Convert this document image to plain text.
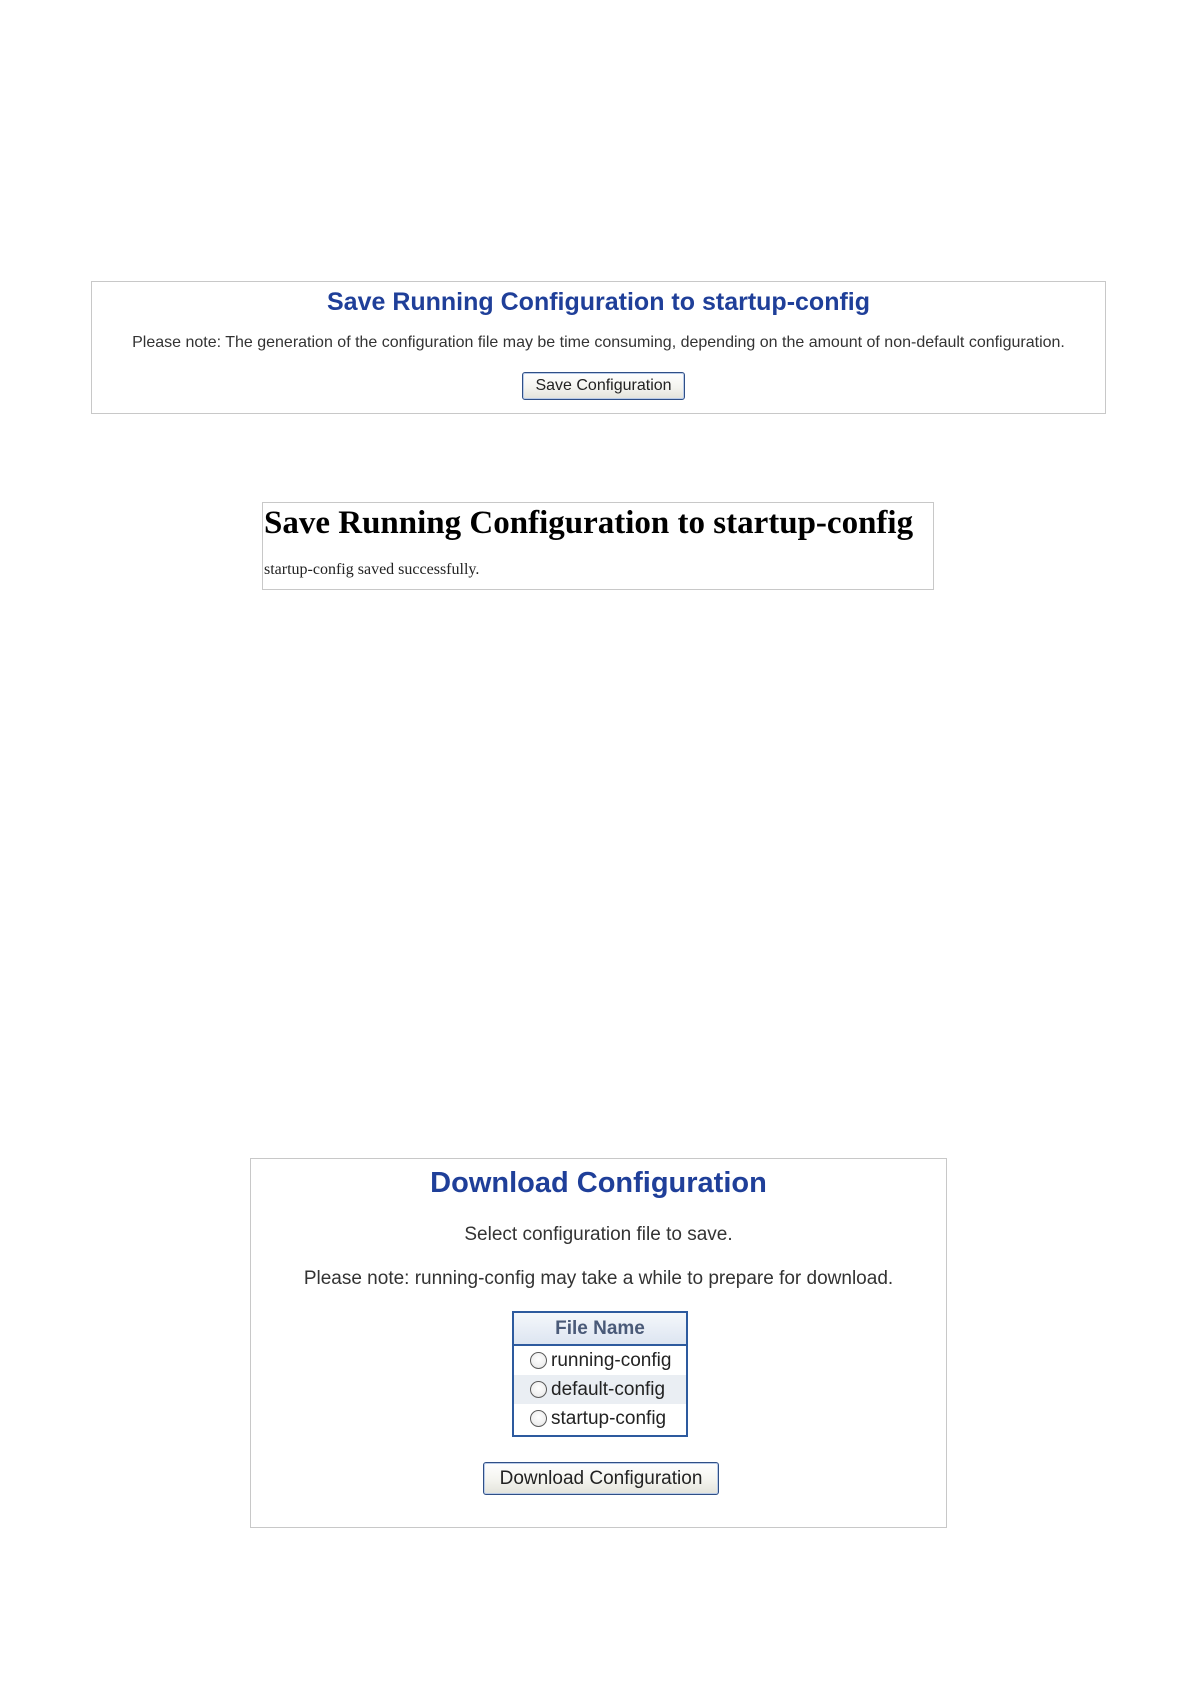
Save Running Configuration to startup-config
Please note: The generation of the configuration file may be time consuming, depending on the amount of non-default configuration.
Save Configuration
Save Running Configuration to startup-config
startup-config saved successfully.
Download Configuration
Select configuration file to save.
Please note: running-config may take a while to prepare for download.
File Name
running-config
default-config
startup-config
Download Configuration
